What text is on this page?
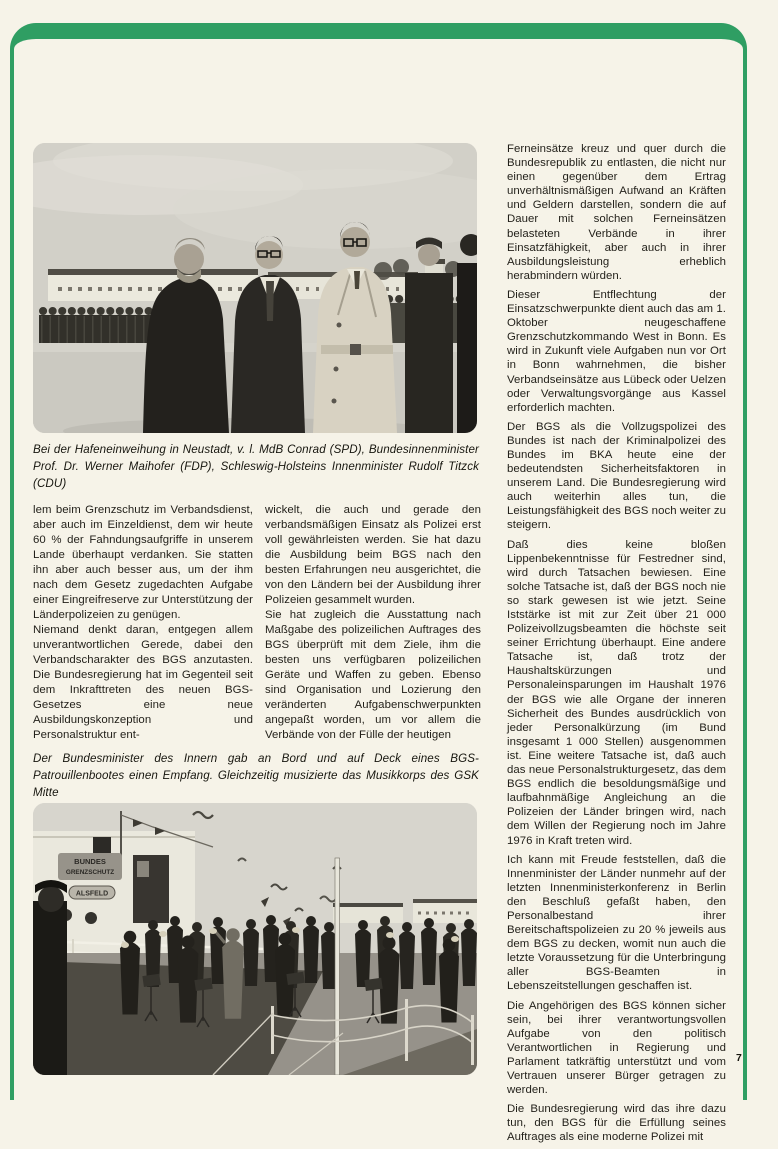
Bei der Hafeneinweihung in Neustadt, v. l. MdB Conrad (SPD), Bundesinnenminister Prof. Dr. Werner Maihofer (FDP), Schleswig-Holsteins Innenminister Rudolf Titzck (CDU)

lem beim Grenzschutz im Verbandsdienst, aber auch im Einzeldienst, dem wir heute 60 % der Fahndungsaufgriffe in unserem Lande überhaupt verdanken. Sie statten ihn aber auch besser aus, um der ihm nach dem Gesetz zugedachten Aufgabe einer Eingreifreserve zur Unterstützung der Länderpolizeien zu genügen.

Niemand denkt daran, entgegen allem unverantwortlichen Gerede, dabei den Verbandscharakter des BGS anzutasten. Die Bundesregierung hat im Gegenteil seit dem Inkrafttreten des neuen BGS-Gesetzes eine neue Ausbildungskonzeption und Personalstruktur ent-

wickelt, die auch und gerade den verbandsmäßigen Einsatz als Polizei erst voll gewährleisten werden. Sie hat dazu die Ausbildung beim BGS nach den besten Erfahrungen neu ausgerichtet, die von den Ländern bei der Ausbildung ihrer Polizeien gesammelt wurden.

Sie hat zugleich die Ausstattung nach Maßgabe des polizeilichen Auftrages des BGS überprüft mit dem Ziele, ihm die besten uns verfügbaren polizeilichen Geräte und Waffen zu geben. Ebenso sind Organisation und Lozierung den veränderten Aufgabenschwerpunkten angepaßt worden, um vor allem die Verbände von der Fülle der heutigen

Der Bundesminister des Innern gab an Bord und auf Deck eines BGS-Patrouillenbootes einen Empfang. Gleichzeitig musizierte das Musikkorps des GSK Mitte
BUNDES
GRENZSCHUTZ
ALSFELD

Ferneinsätze kreuz und quer durch die Bundesrepublik zu entlasten, die nicht nur einen gegenüber dem Ertrag unverhältnismäßigen Aufwand an Kräften und Geldern darstellen, sondern die auf Dauer mit solchen Ferneinsätzen belasteten Verbände in ihrer Einsatzfähigkeit, aber auch in ihrer Ausbildungsleistung erheblich herabmindern würden.

Dieser Entflechtung der Einsatzschwerpunkte dient auch das am 1. Oktober neugeschaffene Grenzschutzkommando West in Bonn. Es wird in Zukunft viele Aufgaben nun vor Ort in Bonn wahrnehmen, die bisher Verbandseinsätze aus Lübeck oder Uelzen oder Verwaltungsvorgänge aus Kassel erforderlich machten.

Der BGS als die Vollzugspolizei des Bundes ist nach der Kriminalpolizei des Bundes im BKA heute eine der bedeutendsten Sicherheitsfaktoren in unserem Land. Die Bundesregierung wird auch weiterhin alles tun, die Leistungsfähigkeit des BGS noch weiter zu steigern.

Daß dies keine bloßen Lippenbekenntnisse für Festredner sind, wird durch Tatsachen bewiesen. Eine solche Tatsache ist, daß der BGS noch nie so stark gewesen ist wie jetzt. Seine Iststärke ist mit zur Zeit über 21 000 Polizeivollzugsbeamten die höchste seit seiner Errichtung überhaupt. Eine andere Tatsache ist, daß trotz der Haushaltskürzungen und Personaleinsparungen im Haushalt 1976 der BGS wie alle Organe der inneren Sicherheit des Bundes ausdrücklich von jeder Personalkürzung (im Bund insgesamt 1 000 Stellen) ausgenommen ist. Eine weitere Tatsache ist, daß auch das neue Personalstrukturgesetz, das dem BGS endlich die besoldungsmäßige und laufbahnmäßige Angleichung an die Polizeien der Länder bringen wird, nach dem Willen der Regierung noch im Jahre 1976 in Kraft treten wird.

Ich kann mit Freude feststellen, daß die Innenminister der Länder nunmehr auf der letzten Innenministerkonferenz in Berlin den Beschluß gefaßt haben, den Personalbestand ihrer Bereitschaftspolizeien zu 20 % jeweils aus dem BGS zu decken, womit nun auch die letzte Voraussetzung für die Unterbringung aller BGS-Beamten in Lebenszeitstellungen geschaffen ist.

Die Angehörigen des BGS können sicher sein, bei ihrer verantwortungsvollen Aufgabe von den politisch Verantwortlichen in Regierung und Parlament tatkräftig unterstützt und vom Vertrauen unserer Bürger getragen zu werden.

Die Bundesregierung wird das ihre dazu tun, den BGS für die Erfüllung seines Auftrages als eine moderne Polizei mit

7
